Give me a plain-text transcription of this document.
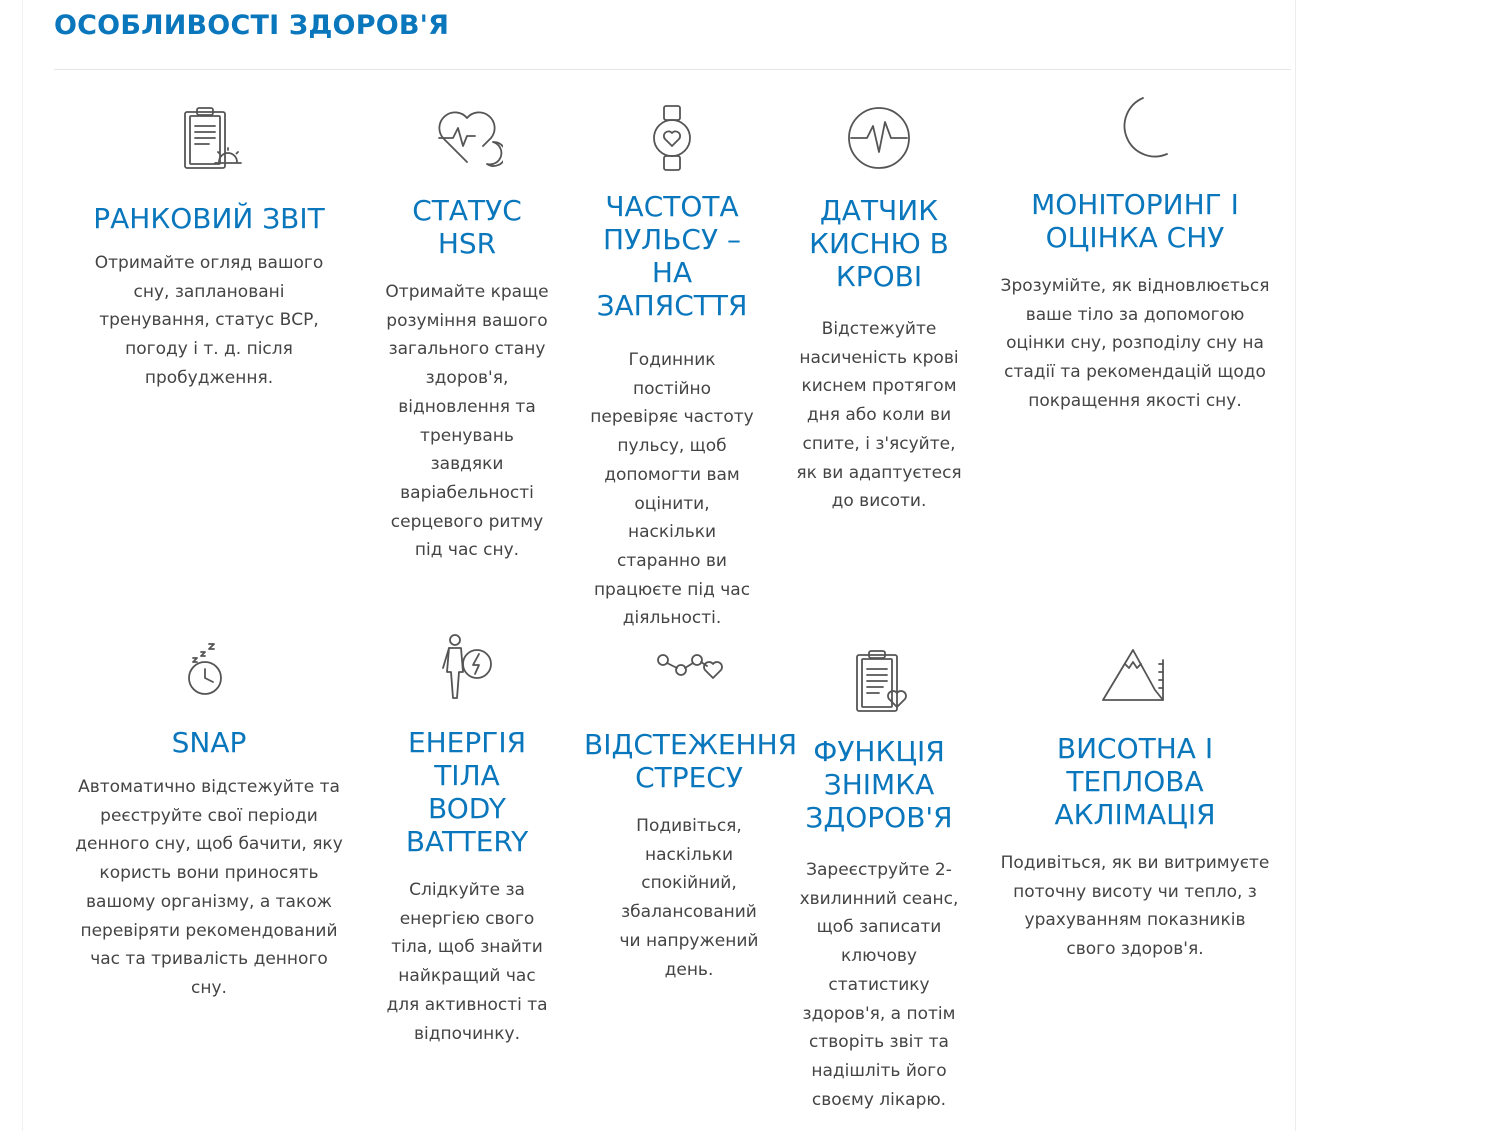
ОСОБЛИВОСТІ ЗДОРОВ'Я
РАНКОВИЙ ЗВІТ

Отримайте огляд вашого сну, заплановані тренування, статус ВСР, погоду і т. д. після пробудження.

СТАТУС HSR

Отримайте краще розуміння вашого загального стану здоров'я, відновлення та тренувань завдяки варіабельності серцевого ритму під час сну.

ЧАСТОТА ПУЛЬСУ – НА ЗАПЯСТТЯ

Годинник постійно перевіряє частоту пульсу, щоб допомогти вам оцінити, наскільки старанно ви працюєте під час діяльності.

ДАТЧИК КИСНЮ В КРОВІ

Відстежуйте насиченість крові киснем протягом дня або коли ви спите, і з'ясуйте, як ви адаптуєтеся до висоти.

МОНІТОРИНГ І ОЦІНКА СНУ

Зрозумійте, як відновлюється ваше тіло за допомогою оцінки сну, розподілу сну на стадії та рекомендацій щодо покращення якості сну.

SNAP

Автоматично відстежуйте та реєструйте свої періоди денного сну, щоб бачити, яку користь вони приносять вашому організму, а також перевіряти рекомендований час та тривалість денного сну.

ЕНЕРГІЯ ТІЛА BODY BATTERY

Слідкуйте за енергією свого тіла, щоб знайти найкращий час для активності та відпочинку.

ВІДСТЕЖЕННЯ СТРЕСУ

Подивіться, наскільки спокійний, збалансований чи напружений день.

ФУНКЦІЯ ЗНІМКА ЗДОРОВ'Я

Зареєструйте 2-хвилинний сеанс, щоб записати ключову статистику здоров'я, а потім створіть звіт та надішліть його своєму лікарю.

ВИСОТНА І ТЕПЛОВА АКЛІМАЦІЯ

Подивіться, як ви витримуєте поточну висоту чи тепло, з урахуванням показників свого здоров'я.
